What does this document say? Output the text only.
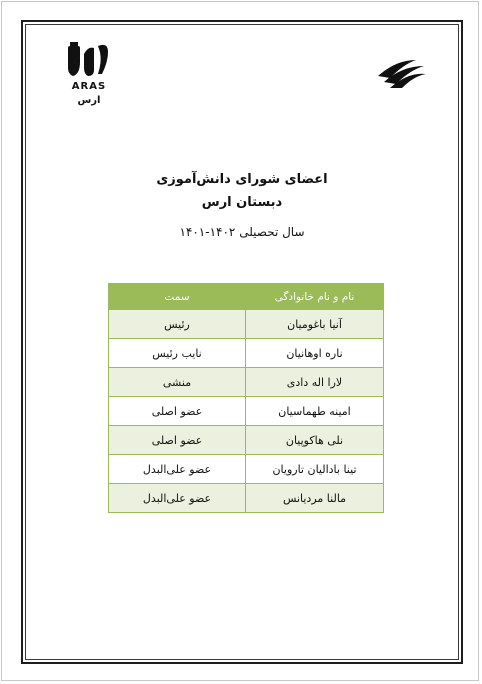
ARAS
ارس
اعضای شورای دانش‌آموزی
دبستان ارس
سال تحصیلی ۱۴۰۲-۱۴۰۱
نام و نام خانوادگی	سمت
آنیا باغومیان	رئیس
ناره اوهانیان	نایب رئیس
لارا اله دادی	منشی
امینه طهماسیان	عضو اصلی
نلی هاکوپیان	عضو اصلی
تینا بادالیان تارویان	عضو علی‌البدل
مالنا مردیانس	عضو علی‌البدل
